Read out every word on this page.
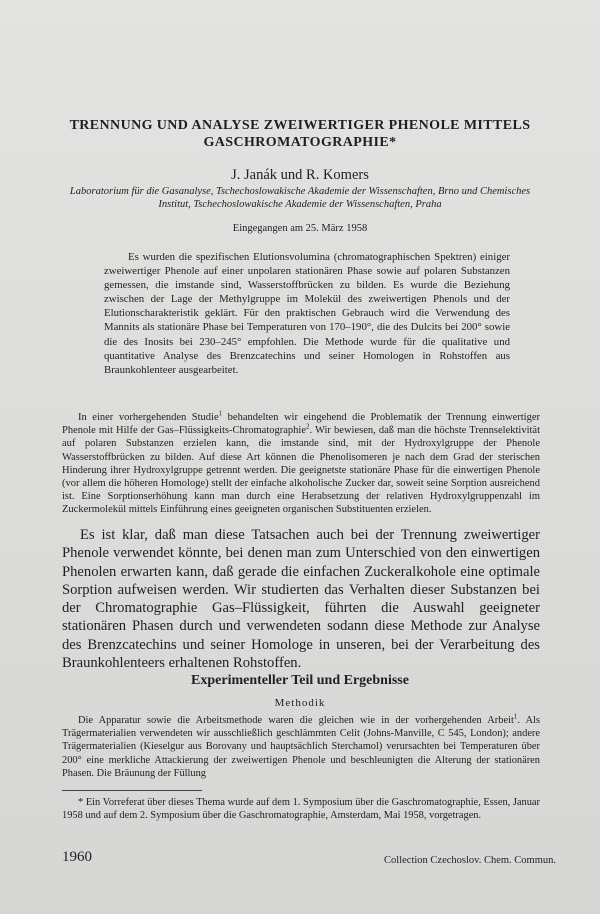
TRENNUNG UND ANALYSE ZWEIWERTIGER PHENOLE MITTELS GASCHROMATOGRAPHIE*
J. Janák und R. Komers
Laboratorium für die Gasanalyse, Tschechoslowakische Akademie der Wissenschaften, Brno und Chemisches Institut, Tschechoslowakische Akademie der Wissenschaften, Praha
Eingegangen am 25. März 1958

Es wurden die spezifischen Elutionsvolumina (chromatographischen Spektren) einiger zweiwertiger Phenole auf einer unpolaren stationären Phase sowie auf polaren Substanzen gemessen, die imstande sind, Wasserstoffbrücken zu bilden. Es wurde die Beziehung zwischen der Lage der Methylgruppe im Molekül des zweiwertigen Phenols und der Elutionscharakteristik geklärt. Für den praktischen Gebrauch wird die Verwendung des Mannits als stationäre Phase bei Temperaturen von 170–190°, die des Dulcits bei 200° sowie die des Inosits bei 230–245° empfohlen. Die Methode wurde für die qualitative und quantitative Analyse des Brenzcatechins und seiner Homologen in Rohstoffen aus Braunkohlenteer ausgearbeitet.

In einer vorhergehenden Studie$^1$ behandelten wir eingehend die Problematik der Trennung einwertiger Phenole mit Hilfe der Gas–Flüssigkeits-Chromatographie$^2$. Wir bewiesen, daß man die höchste Trennselektivität auf polaren Substanzen erzielen kann, die imstande sind, mit der Hydroxylgruppe der Phenole Wasserstoffbrücken zu bilden. Auf diese Art können die Phenolisomeren je nach dem Grad der sterischen Hinderung ihrer Hydroxylgruppe getrennt werden. Die geeignetste stationäre Phase für die einwertigen Phenole (vor allem die höheren Homologe) stellt der einfache alkoholische Zucker dar, soweit seine Sorption ausreichend ist. Eine Sorptionserhöhung kann man durch eine Herabsetzung der relativen Hydroxylgruppenzahl im Zuckermolekül mittels Einführung eines geeigneten organischen Substituenten erzielen.

Es ist klar, daß man diese Tatsachen auch bei der Trennung zweiwertiger Phenole verwendet könnte, bei denen man zum Unterschied von den einwertigen Phenolen erwarten kann, daß gerade die einfachen Zuckeralkohole eine optimale Sorption aufweisen werden. Wir studierten das Verhalten dieser Substanzen bei der Chromatographie Gas–Flüssigkeit, führten die Auswahl geeigneter stationären Phasen durch und verwendeten sodann diese Methode zur Analyse des Brenzcatechins und seiner Homologe in unseren, bei der Verarbeitung des Braunkohlenteers erhaltenen Rohstoffen.

Experimenteller Teil und Ergebnisse
Methodik

Die Apparatur sowie die Arbeitsmethode waren die gleichen wie in der vorhergehenden Arbeit$^1$. Als Trägermaterialien verwendeten wir ausschließlich geschlämmten Celit (Johns-Manville, C 545, London); andere Trägermaterialien (Kieselgur aus Borovany und hauptsächlich Sterchamol) verursachten bei Temperaturen über 200° eine merkliche Attackierung der zweiwertigen Phenole und beschleunigten die Alterung der stationären Phasen. Die Bräunung der Füllung

* Ein Vorreferat über dieses Thema wurde auf dem 1. Symposium über die Gaschromatographie, Essen, Januar 1958 und auf dem 2. Symposium über die Gaschromatographie, Amsterdam, Mai 1958, vorgetragen.

1960	Collection Czechoslov. Chem. Commun.
